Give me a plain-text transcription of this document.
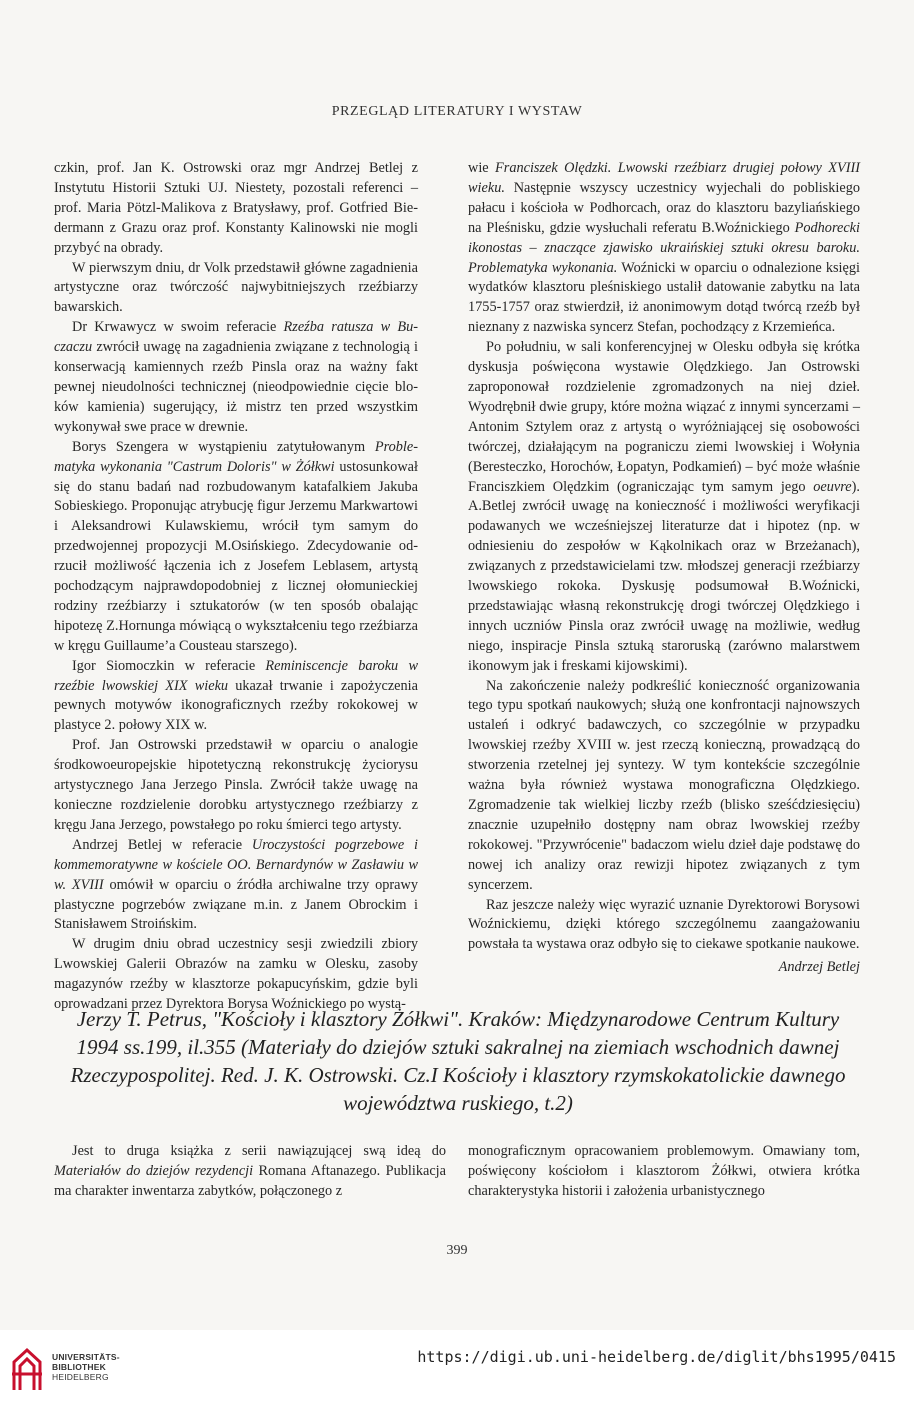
PRZEGLĄD LITERATURY I WYSTAW

czkin, prof. Jan K. Ostrowski oraz mgr Andrzej Betlej z Instytutu Historii Sztuki UJ. Niestety, pozostali referenci – prof. Maria Pötzl-Malikova z Bratysławy, prof. Gotfried Biedermann z Grazu oraz prof. Konstanty Kalinowski nie mogli przybyć na obrady.

W pierwszym dniu, dr Volk przedstawił główne zagadnienia artystyczne oraz twórczość najwybitniejszych rzeźbiarzy bawarskich.

Dr Krwawycz w swoim referacie Rzeźba ratusza w Buczaczu zwrócił uwagę na zagadnienia związane z technologią i konserwacją kamiennych rzeźb Pinsla oraz na ważny fakt pewnej nieudolności technicznej (nieodpowiednie cięcie bloków kamienia) sugerujący, iż mistrz ten przed wszystkim wykonywał swe prace w drewnie.

Borys Szengera w wystąpieniu zatytułowanym Problematyka wykonania "Castrum Doloris" w Żółkwi ustosunkował się do stanu badań nad rozbudowanym katafalkiem Jakuba Sobieskiego. Proponując atrybucję figur Jerzemu Markwartowi i Aleksandrowi Kulawskiemu, wrócił tym samym do przedwojennej propozycji M.Osińskiego. Zdecydowanie odrzucił możliwość łączenia ich z Josefem Leblasem, artystą pochodzącym najprawdopodobniej z licznej ołomunieckiej rodziny rzeźbiarzy i sztukatorów (w ten sposób obalając hipotezę Z.Hornunga mówiącą o wykształceniu tego rzeźbiarza w kręgu Guillaume’a Cousteau starszego).

Igor Siomoczkin w referacie Reminiscencje baroku w rzeźbie lwowskiej XIX wieku ukazał trwanie i zapożyczenia pewnych motywów ikonograficznych rzeźby rokokowej w plastyce 2. połowy XIX w.

Prof. Jan Ostrowski przedstawił w oparciu o analogie środkowoeuropejskie hipotetyczną rekonstrukcję życiorysu artystycznego Jana Jerzego Pinsla. Zwrócił także uwagę na konieczne rozdzielenie dorobku artystycznego rzeźbiarzy z kręgu Jana Jerzego, powstałego po roku śmierci tego artysty.

Andrzej Betlej w referacie Uroczystości pogrzebowe i kommemoratywne w kościele OO. Bernardynów w Zasławiu w w. XVIII omówił w oparciu o źródła archiwalne trzy oprawy plastyczne pogrzebów związane m.in. z Janem Obrockim i Stanisławem Stroińskim.

W drugim dniu obrad uczestnicy sesji zwiedzili zbiory Lwowskiej Galerii Obrazów na zamku w Olesku, zasoby magazynów rzeźby w klasztorze pokapucyńskim, gdzie byli oprowadzani przez Dyrektora Borysa Woźnickiego po wysta-

wie Franciszek Olędzki. Lwowski rzeźbiarz drugiej połowy XVIII wieku. Następnie wszyscy uczestnicy wyjechali do pobliskiego pałacu i kościoła w Podhorcach, oraz do klasztoru bazyliańskiego na Pleśnisku, gdzie wysłuchali referatu B.Woźnickiego Podhorecki ikonostas – znaczące zjawisko ukraińskiej sztuki okresu baroku. Problematyka wykonania. Woźnicki w oparciu o odnalezione księgi wydatków klasztoru pleśniskiego ustalił datowanie zabytku na lata 1755-1757 oraz stwierdził, iż anonimowym dotąd twórcą rzeźb był nieznany z nazwiska syncerz Stefan, pochodzący z Krzemieńca.

Po południu, w sali konferencyjnej w Olesku odbyła się krótka dyskusja poświęcona wystawie Olędzkiego. Jan Ostrowski zaproponował rozdzielenie zgromadzonych na niej dzieł. Wyodrębnił dwie grupy, które można wiązać z innymi syncerzami – Antonim Sztylem oraz z artystą o wyróżniającej się osobowości twórczej, działającym na pograniczu ziemi lwowskiej i Wołynia (Beresteczko, Horochów, Łopatyn, Podkamień) – być może właśnie Franciszkiem Olędzkim (ograniczając tym samym jego oeuvre). A.Betlej zwrócił uwagę na konieczność i możliwości weryfikacji podawanych we wcześniejszej literaturze dat i hipotez (np. w odniesieniu do zespołów w Kąkolnikach oraz w Brzeżanach), związanych z przedstawicielami tzw. młodszej generacji rzeźbiarzy lwowskiego rokoka. Dyskusję podsumował B.Woźnicki, przedstawiając własną rekonstrukcję drogi twórczej Olędzkiego i innych uczniów Pinsla oraz zwrócił uwagę na możliwie, według niego, inspiracje Pinsla sztuką staroruską (zarówno malarstwem ikonowym jak i freskami kijowskimi).

Na zakończenie należy podkreślić konieczność organizowania tego typu spotkań naukowych; służą one konfrontacji najnowszych ustaleń i odkryć badawczych, co szczególnie w przypadku lwowskiej rzeźby XVIII w. jest rzeczą konieczną, prowadzącą do stworzenia rzetelnej jej syntezy. W tym kontekście szczególnie ważna była również wystawa monograficzna Olędzkiego. Zgromadzenie tak wielkiej liczby rzeźb (blisko sześćdziesięciu) znacznie uzupełniło dostępny nam obraz lwowskiej rzeźby rokokowej. "Przywrócenie" badaczom wielu dzieł daje podstawę do nowej ich analizy oraz rewizji hipotez związanych z tym syncerzem.

Raz jeszcze należy więc wyrazić uznanie Dyrektorowi Borysowi Woźnickiemu, dzięki którego szczególnemu zaangażowaniu powstała ta wystawa oraz odbyło się to ciekawe spotkanie naukowe.

Andrzej Betlej
Jerzy T. Petrus, "Kościoły i klasztory Żółkwi". Kraków: Międzynarodowe Centrum Kultury 1994 ss.199, il.355 (Materiały do dziejów sztuki sakralnej na ziemiach wschodnich dawnej Rzeczypospolitej. Red. J. K. Ostrowski. Cz.I Kościoły i klasztory rzymskokatolickie dawnego województwa ruskiego, t.2)

Jest to druga książka z serii nawiązującej swą ideą do Materiałów do dziejów rezydencji Romana Aftanazego. Publikacja ma charakter inwentarza zabytków, połączonego z

monograficznym opracowaniem problemowym. Omawiany tom, poświęcony kościołom i klasztorom Żółkwi, otwiera krótka charakterystyka historii i założenia urbanistycznego

399
UNIVERSITÄTS-
BIBLIOTHEK
HEIDELBERG
https://digi.ub.uni-heidelberg.de/diglit/bhs1995/0415
